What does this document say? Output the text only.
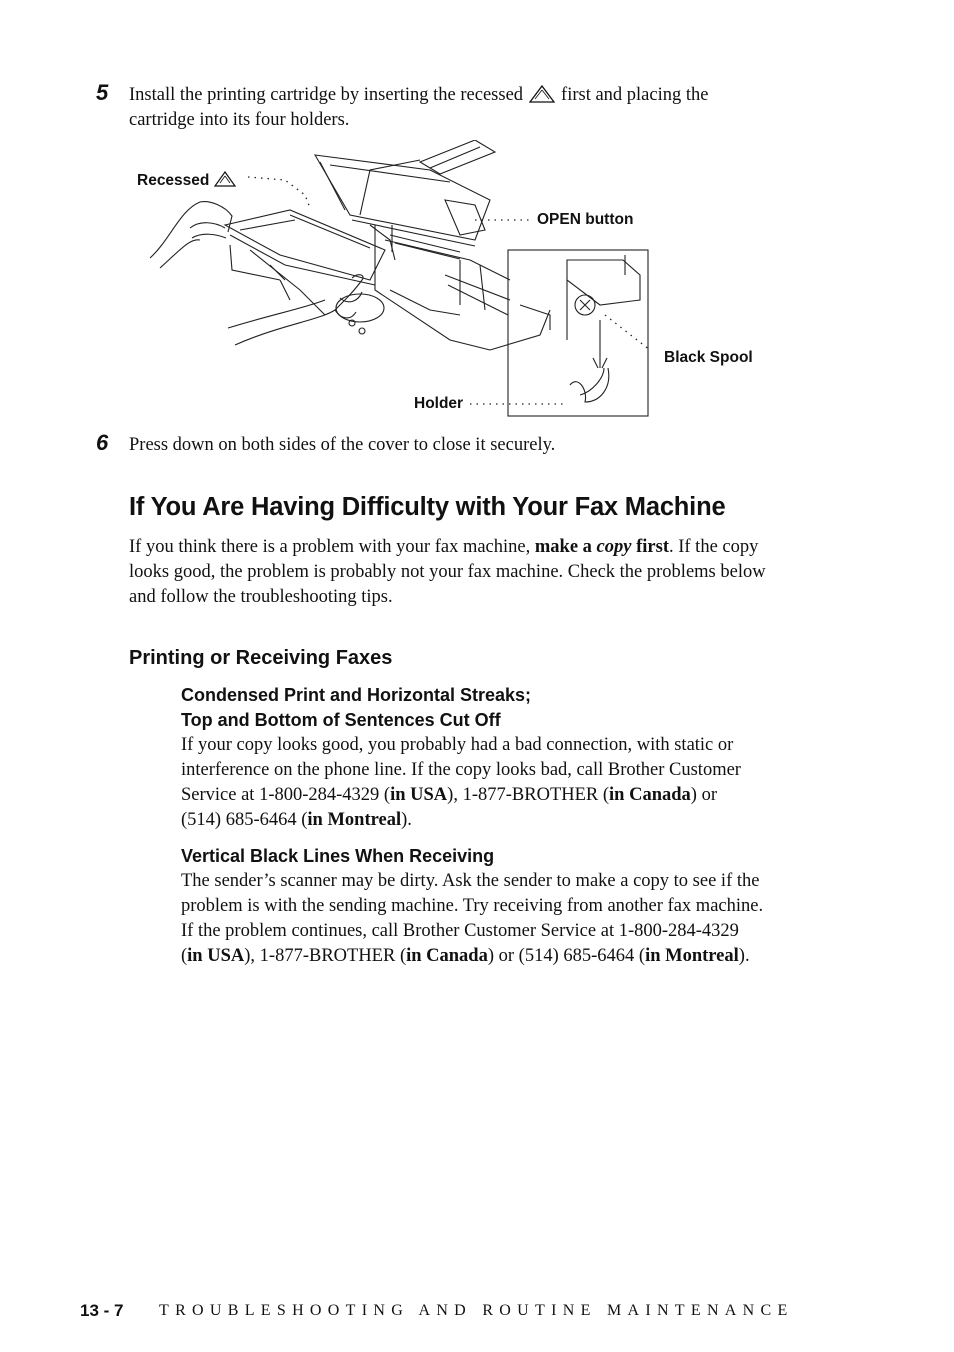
5 Install the printing cartridge by inserting the recessed first and placing the
cartridge into its four holders.
Recessed
OPEN button
Black Spool
Holder
6 Press down on both sides of the cover to close it securely.
If You Are Having Difficulty with Your Fax Machine

If you think there is a problem with your fax machine, make a copy first. If the copy

looks good, the problem is probably not your fax machine. Check the problems below

and follow the troubleshooting tips.

Printing or Receiving Faxes
Condensed Print and Horizontal Streaks;
Top and Bottom of Sentences Cut Off
If your copy looks good, you probably had a bad connection, with static or
interference on the phone line. If the copy looks bad, call Brother Customer
Service at 1-800-284-4329 (in USA), 1-877-BROTHER (in Canada) or
(514) 685-6464 (in Montreal).
Vertical Black Lines When Receiving
The sender’s scanner may be dirty. Ask the sender to make a copy to see if the
problem is with the sending machine. Try receiving from another fax machine.
If the problem continues, call Brother Customer Service at 1-800-284-4329
(in USA), 1-877-BROTHER (in Canada) or (514) 685-6464 (in Montreal).
13 - 7 TROUBLESHOOTING AND ROUTINE MAINTENANCE
